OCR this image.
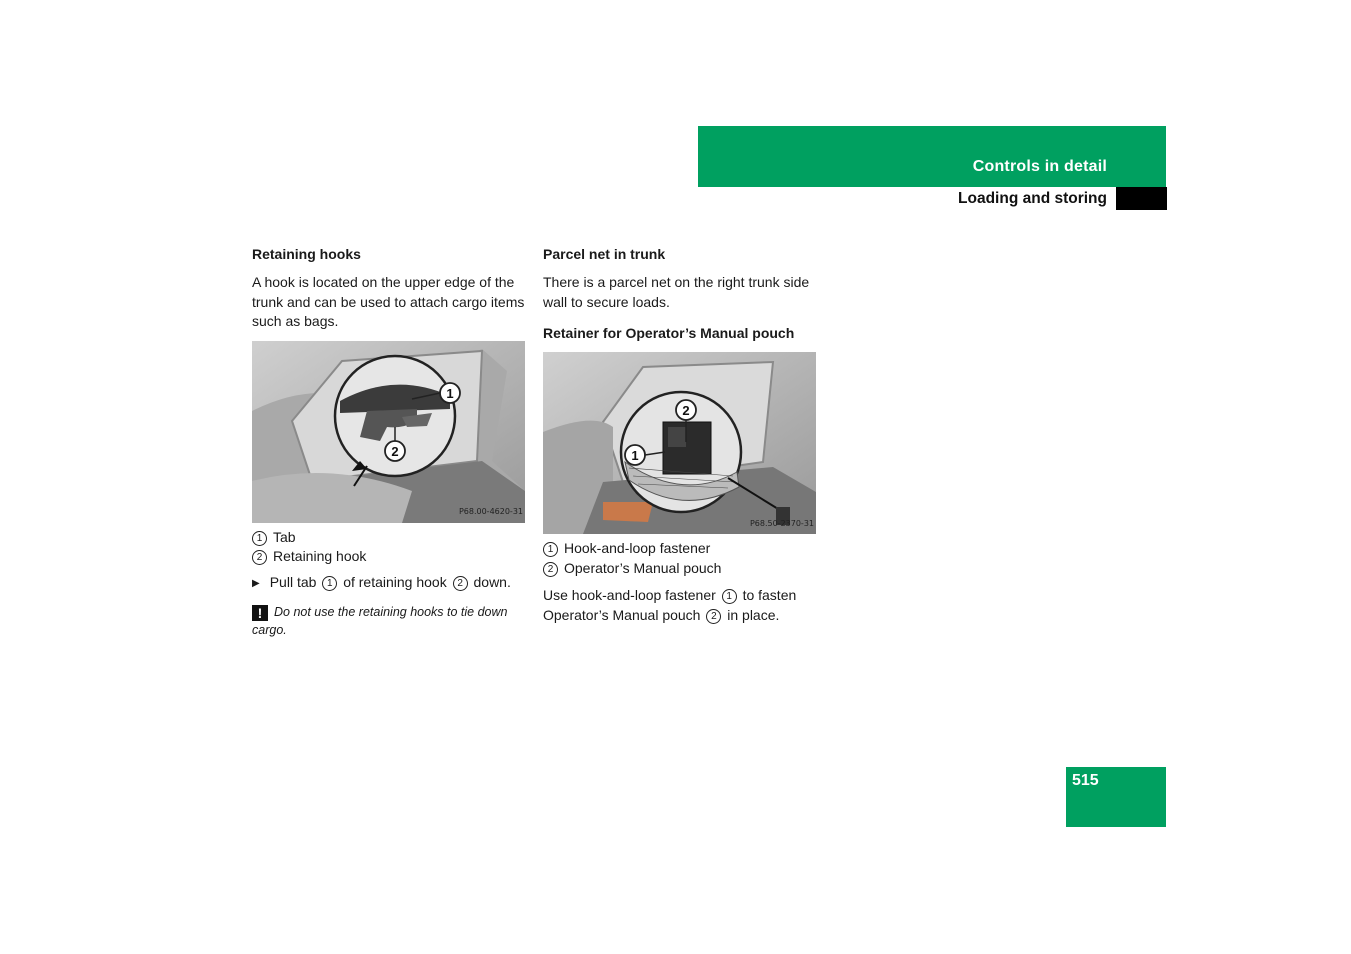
Controls in detail
Loading and storing
Retaining hooks

A hook is located on the upper edge of the trunk and can be used to attach cargo items such as bags.

1
2
P68.00-4620-31
1 Tab
2 Retaining hook
▶ Pull tab 1 of retaining hook 2 down.
! Do not use the retaining hooks to tie down cargo.
Parcel net in trunk

There is a parcel net on the right trunk side wall to secure loads.

Retainer for Operator’s Manual pouch
2
1
P68.50-2370-31
1 Hook-and-loop fastener
2 Operator’s Manual pouch

Use hook-and-loop fastener 1 to fasten Operator’s Manual pouch 2 in place.

515
